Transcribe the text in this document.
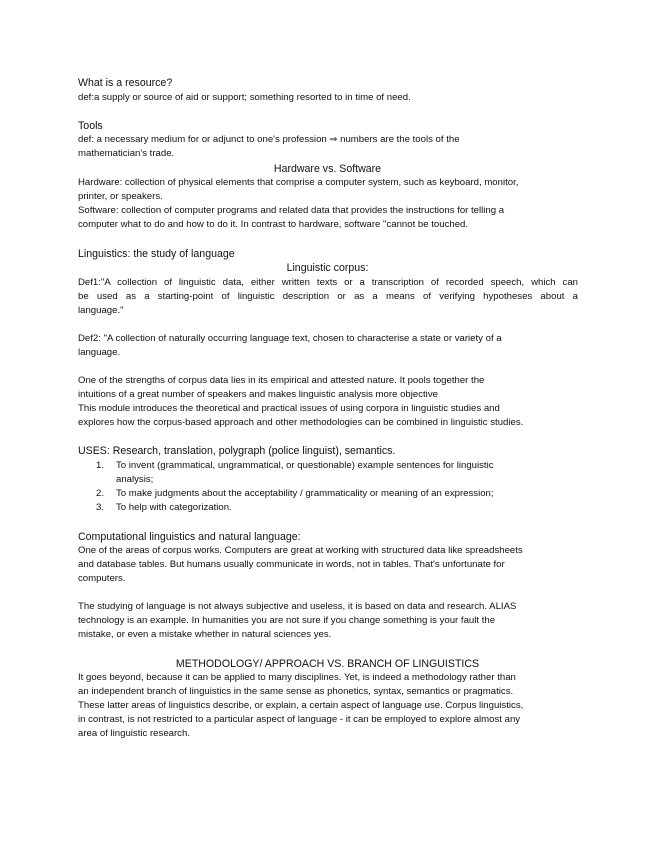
What is a resource?
def:a supply or source of aid or support; something resorted to in time of need.
Tools
def: a necessary medium for or adjunct to one's profession ⇒ numbers are the tools of the
mathematician's trade.
Hardware vs. Software
Hardware: collection of physical elements that comprise a computer system, such as keyboard, monitor,
printer, or speakers.
Software: collection of computer programs and related data that provides the instructions for telling a
computer what to do and how to do it. In contrast to hardware, software "cannot be touched.
Linguistics: the study of language
Linguistic corpus:
Def1:"A collection of linguistic data, either written texts or a transcription of recorded speech, which can
be used as a starting-point of linguistic description or as a means of verifying hypotheses about a
language."
Def2: "A collection of naturally occurring language text, chosen to characterise a state or variety of a
language.
One of the strengths of corpus data lies in its empirical and attested nature. It pools together the
intuitions of a great number of speakers and makes linguistic analysis more objective
This module introduces the theoretical and practical issues of using corpora in linguistic studies and
explores how the corpus-based approach and other methodologies can be combined in linguistic studies.
USES: Research, translation, polygraph (police linguist), semantics.
1. To invent (grammatical, ungrammatical, or questionable) example sentences for linguistic
analysis;
2. To make judgments about the acceptability / grammaticality or meaning of an expression;
3. To help with categorization.
Computational linguistics and natural language:
One of the areas of corpus works. Computers are great at working with structured data like spreadsheets
and database tables. But humans usually communicate in words, not in tables. That's unfortunate for
computers.
The studying of language is not always subjective and useless, it is based on data and research. ALIAS
technology is an example. In humanities you are not sure if you change something is your fault the
mistake, or even a mistake whether in natural sciences yes.
METHODOLOGY/ APPROACH VS. BRANCH OF LINGUISTICS
It goes beyond, because it can be applied to many disciplines. Yet, is indeed a methodology rather than
an independent branch of linguistics in the same sense as phonetics, syntax, semantics or pragmatics.
These latter areas of linguistics describe, or explain, a certain aspect of language use. Corpus linguistics,
in contrast, is not restricted to a particular aspect of language - it can be employed to explore almost any
area of linguistic research.
